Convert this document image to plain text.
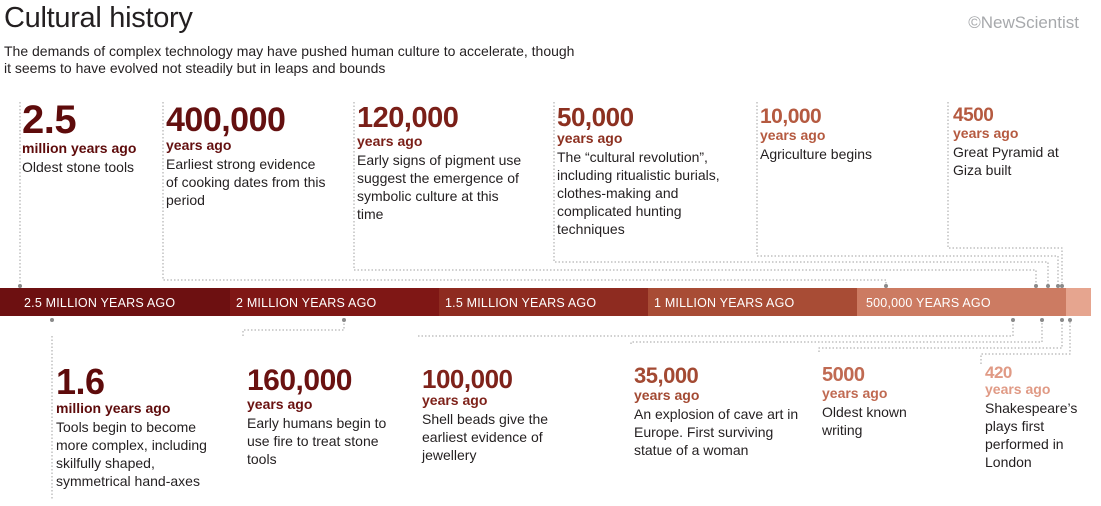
Cultural history
The demands of complex technology may have pushed human culture to accelerate, though it seems to have evolved not steadily but in leaps and bounds
©NewScientist
2.5 MILLION YEARS AGO	2 MILLION YEARS AGO	1.5 MILLION YEARS AGO	1 MILLION YEARS AGO	500,000 YEARS AGO
2.5
million years ago
Oldest stone tools
400,000
years ago
Earliest strong evidence of cooking dates from this period
120,000
years ago
Early signs of pigment use suggest the emergence of symbolic culture at this time
50,000
years ago
The “cultural revolution”, including ritualistic burials, clothes-making and complicated hunting techniques
10,000
years ago
Agriculture begins
4500
years ago
Great Pyramid at Giza built
1.6
million years ago
Tools begin to become more complex, including skilfully shaped, symmetrical hand-axes
160,000
years ago
Early humans begin to use fire to treat stone tools
100,000
years ago
Shell beads give the earliest evidence of jewellery
35,000
years ago
An explosion of cave art in Europe. First surviving statue of a woman
5000
years ago
Oldest known writing
420
years ago
Shakespeare’s plays first performed in London
